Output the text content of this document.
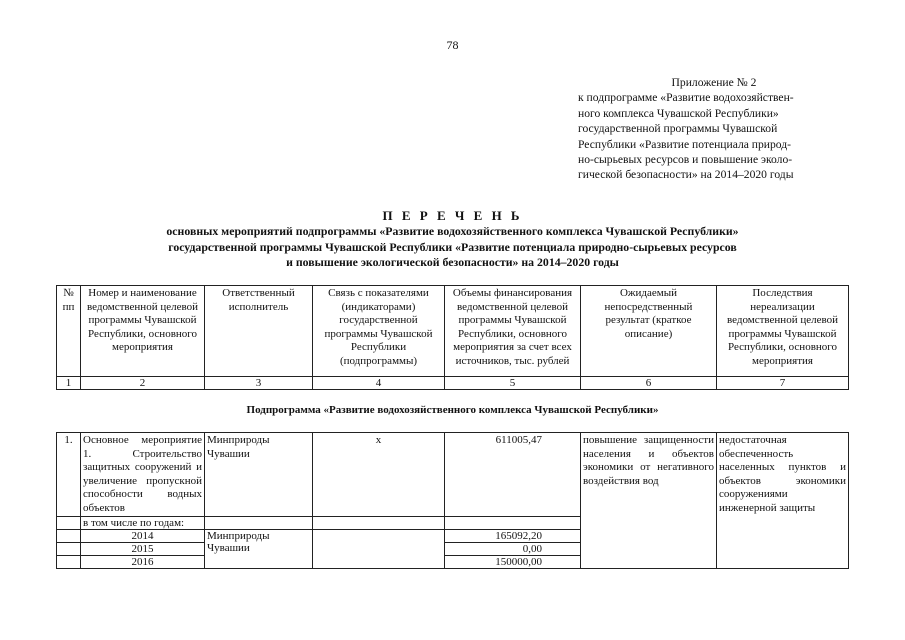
78
Приложение № 2
к подпрограмме «Развитие водохозяйствен-
ного комплекса Чувашской Республики»
государственной программы Чувашской
Республики «Развитие потенциала природ-
но-сырьевых ресурсов и повышение эколо-
гической безопасности» на 2014–2020 годы
П Е Р Е Ч Е Н Ь
основных мероприятий подпрограммы «Развитие водохозяйственного комплекса Чувашской Республики»
государственной программы Чувашской Республики «Развитие потенциала природно-сырьевых ресурсов
и повышение экологической безопасности» на 2014–2020 годы
№ пп	Номер и наименование ведомственной целевой программы Чувашской Республики, основного мероприятия	Ответственный исполнитель	Связь с показателями (индикаторами) государственной программы Чувашской Республики (подпрограммы)	Объемы финансирования ведомственной целевой программы Чувашской Республики, основного мероприятия за счет всех источников, тыс. рублей	Ожидаемый непосредственный результат (краткое описание)	Последствия нереализации ведомственной целевой программы Чувашской Республики, основного мероприятия
1	2	3	4	5	6	7
Подпрограмма «Развитие водохозяйственного комплекса Чувашской Республики»						
1.	Основное мероприятие 1. Строительство защитных сооружений и увеличение пропускной способности водных объектов	Минприроды Чувашии	х	611005,47	повышение защищенности населения и объектов экономики от негативного воздействия вод	недостаточная обеспеченность населенных пунктов и объектов экономики сооружениями инженерной защиты
	в том числе по годам:					
	2014	Минприроды Чувашии		165092,20		
	2015			0,00		
	2016			150000,00		
